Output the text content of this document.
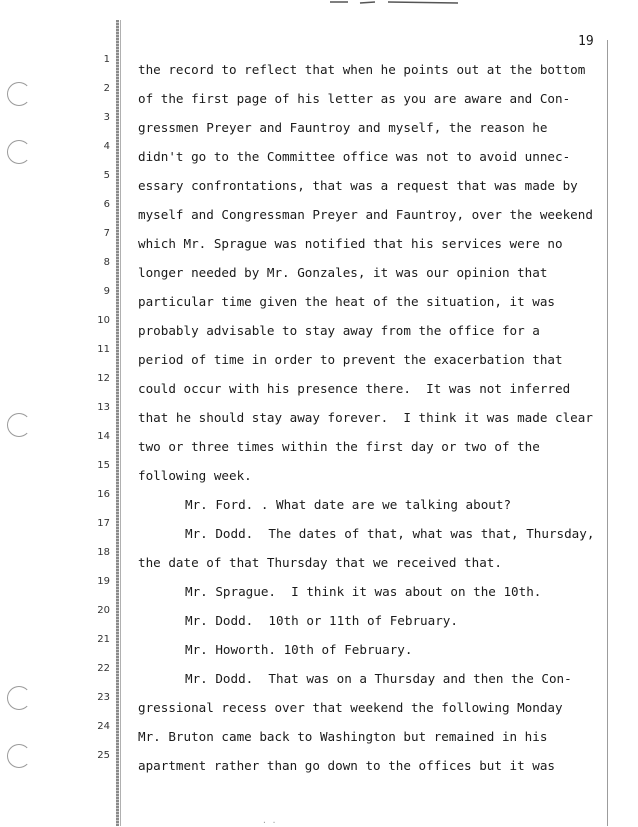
19
1
2
3
4
5
6
7
8
9
10
11
12
13
14
15
16
17
18
19
20
21
22
23
24
25
the record to reflect that when he points out at the bottom
of the first page of his letter as you are aware and Con-
gressmen Preyer and Fauntroy and myself, the reason he
didn't go to the Committee office was not to avoid unnec-
essary confrontations, that was a request that was made by
myself and Congressman Preyer and Fauntroy, over the weekend
which Mr. Sprague was notified that his services were no
longer needed by Mr. Gonzales, it was our opinion that
particular time given the heat of the situation, it was
probably advisable to stay away from the office for a
period of time in order to prevent the exacerbation that
could occur with his presence there.  It was not inferred
that he should stay away forever.  I think it was made clear
two or three times within the first day or two of the
following week.
Mr. Ford. . What date are we talking about?
Mr. Dodd.  The dates of that, what was that, Thursday,
the date of that Thursday that we received that.
Mr. Sprague.  I think it was about on the 10th.
Mr. Dodd.  10th or 11th of February.
Mr. Howorth. 10th of February.
Mr. Dodd.  That was on a Thursday and then the Con-
gressional recess over that weekend the following Monday
Mr. Bruton came back to Washington but remained in his
apartment rather than go down to the offices but it was
· ·
